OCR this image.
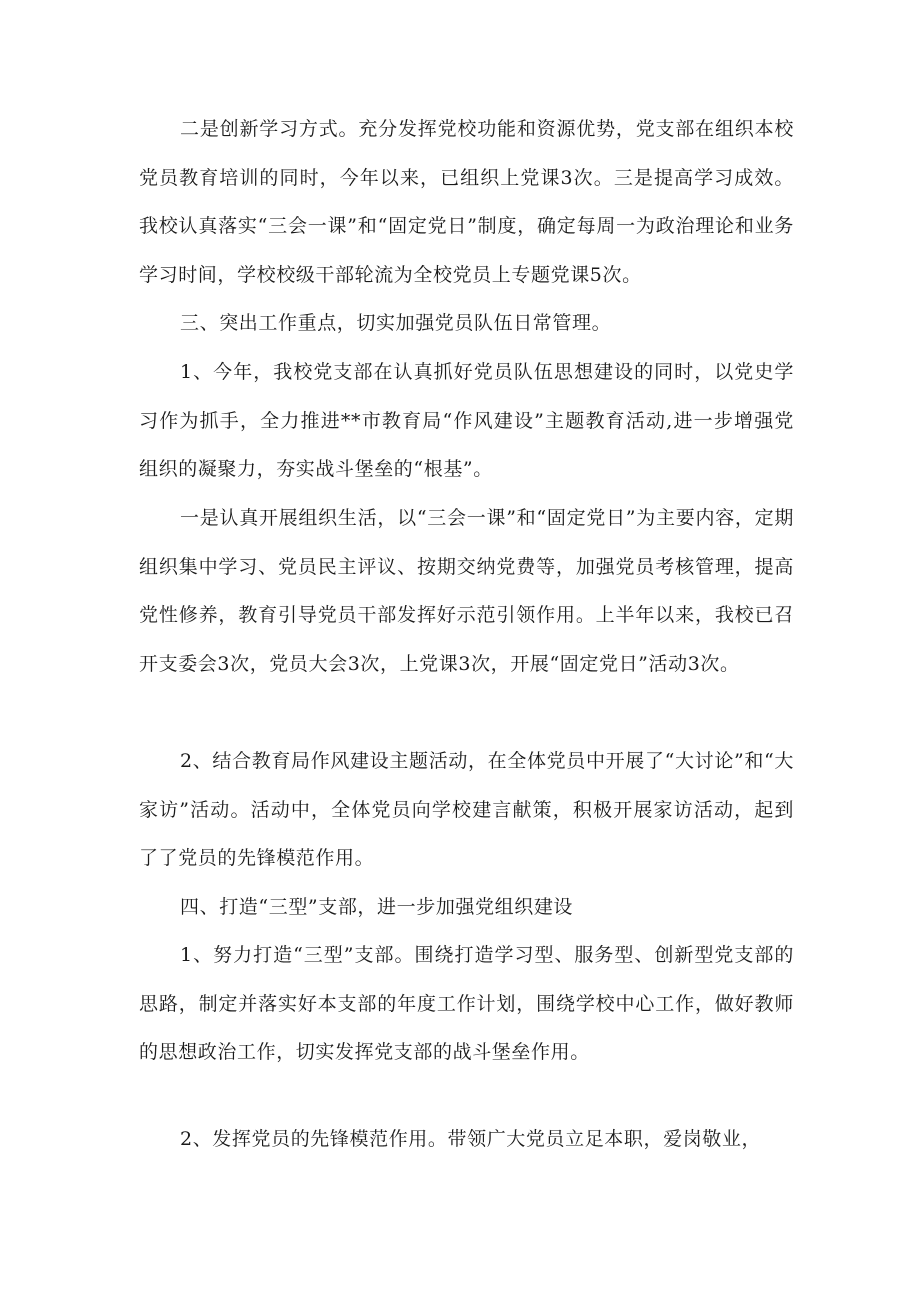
二是创新学习方式。充分发挥党校功能和资源优势，党支部在组织本校党员教育培训的同时，今年以来，已组织上党课3次。三是提高学习成效。我校认真落实“三会一课”和“固定党日”制度，确定每周一为政治理论和业务学习时间，学校校级干部轮流为全校党员上专题党课5次。

三、突出工作重点，切实加强党员队伍日常管理。

1、今年，我校党支部在认真抓好党员队伍思想建设的同时，以党史学习作为抓手，全力推进**市教育局“作风建设”主题教育活动,进一步增强党组织的凝聚力，夯实战斗堡垒的“根基”。

一是认真开展组织生活，以“三会一课”和“固定党日”为主要内容，定期组织集中学习、党员民主评议、按期交纳党费等，加强党员考核管理，提高党性修养，教育引导党员干部发挥好示范引领作用。上半年以来，我校已召开支委会3次，党员大会3次，上党课3次，开展“固定党日”活动3次。

2、结合教育局作风建设主题活动，在全体党员中开展了“大讨论”和“大家访”活动。活动中，全体党员向学校建言献策，积极开展家访活动，起到了了党员的先锋模范作用。

四、打造“三型”支部，进一步加强党组织建设

1、努力打造“三型”支部。围绕打造学习型、服务型、创新型党支部的思路，制定并落实好本支部的年度工作计划，围绕学校中心工作，做好教师的思想政治工作，切实发挥党支部的战斗堡垒作用。

2、发挥党员的先锋模范作用。带领广大党员立足本职，爱岗敬业，
